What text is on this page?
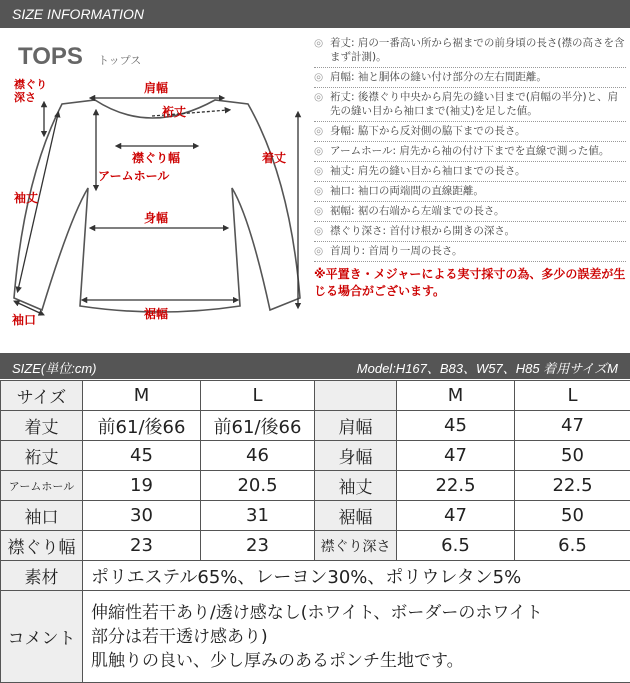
SIZE INFORMATION
TOPS トップス
襟ぐり 深さ
肩幅
裄丈
襟ぐり幅
アームホール
着丈
袖丈
身幅
袖口	裾幅
◎ 着丈: 肩の一番高い所から裾までの前身頃の長さ(襟の高さを含まず計測)。
◎ 肩幅: 袖と胴体の縫い付け部分の左右間距離。
◎ 裄丈: 後襟ぐり中央から肩先の縫い目まで(肩幅の半分)と、肩先の縫い目から袖口まで(袖丈)を足した値。
◎ 身幅: 脇下から反対側の脇下までの長さ。
◎ アームホール: 肩先から袖の付け下までを直線で測った値。
◎ 袖丈: 肩先の縫い目から袖口までの長さ。
◎ 袖口: 袖口の両端間の直線距離。
◎ 裾幅: 裾の右端から左端までの長さ。
◎ 襟ぐり深さ: 首付け根から開きの深さ。
◎ 首周り: 首周り一周の長さ。
※平置き・メジャーによる実寸採寸の為、多少の誤差が生じる場合がございます。
SIZE(単位:cm)	Model:H167、B83、W57、H85 着用サイズM
サイズ	M	L		M	L
着丈	前61/後66	前61/後66	肩幅	45	47
裄丈	45	46	身幅	47	50
アームホール	19	20.5	袖丈	22.5	22.5
袖口	30	31	裾幅	47	50
襟ぐり幅	23	23	襟ぐり深さ	6.5	6.5
素材	ポリエステル65%、レーヨン30%、ポリウレタン5%				
コメント	伸縮性若干あり/透け感なし(ホワイト、ボーダーのホワイト
部分は若干透け感あり)
肌触りの良い、少し厚みのあるポンチ生地です。				
